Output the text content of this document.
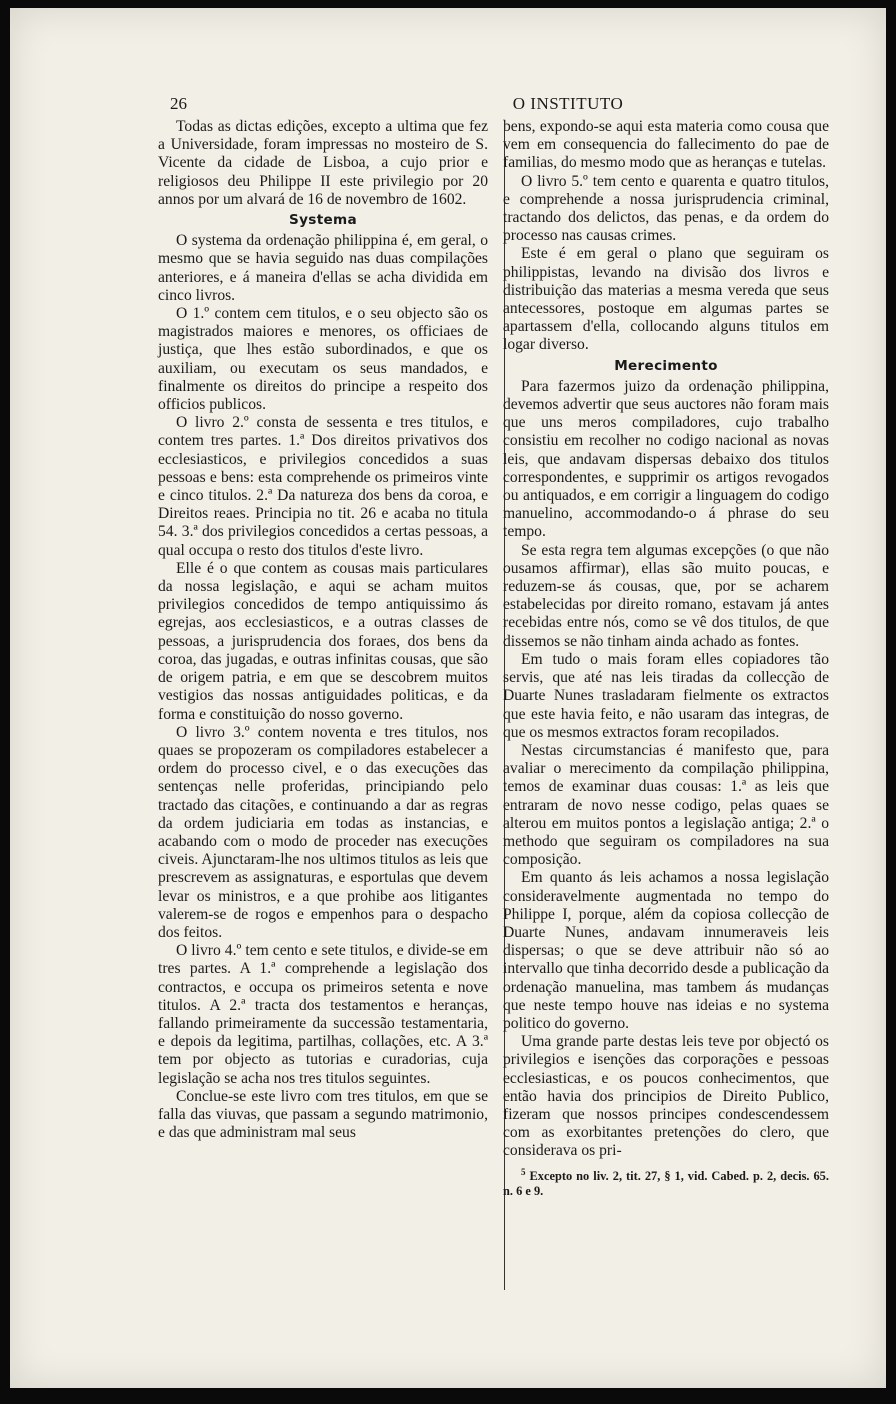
26	O INSTITUTO

Todas as dictas edições, excepto a ultima que fez a Universidade, foram impressas no mosteiro de S. Vicente da cidade de Lisboa, a cujo prior e religiosos deu Philippe II este privilegio por 20 annos por um alvará de 16 de novembro de 1602.

Systema

O systema da ordenação philippina é, em geral, o mesmo que se havia seguido nas duas compilações anteriores, e á maneira d'ellas se acha dividida em cinco livros.

O 1.º contem cem titulos, e o seu objecto são os magistrados maiores e menores, os officiaes de justiça, que lhes estão subordinados, e que os auxiliam, ou executam os seus mandados, e finalmente os direitos do principe a respeito dos officios publicos.

O livro 2.º consta de sessenta e tres titulos, e contem tres partes. 1.ª Dos direitos privativos dos ecclesiasticos, e privilegios concedidos a suas pessoas e bens: esta comprehende os primeiros vinte e cinco titulos. 2.ª Da natureza dos bens da coroa, e Direitos reaes. Principia no tit. 26 e acaba no titula 54. 3.ª dos privilegios concedidos a certas pessoas, a qual occupa o resto dos titulos d'este livro.

Elle é o que contem as cousas mais particulares da nossa legislação, e aqui se acham muitos privilegios concedidos de tempo antiquissimo ás egrejas, aos ecclesiasticos, e a outras classes de pessoas, a jurisprudencia dos foraes, dos bens da coroa, das jugadas, e outras infinitas cousas, que são de origem patria, e em que se descobrem muitos vestigios das nossas antiguidades politicas, e da forma e constituição do nosso governo.

O livro 3.º contem noventa e tres titulos, nos quaes se propozeram os compiladores estabelecer a ordem do processo civel, e o das execuções das sentenças nelle proferidas, principiando pelo tractado das citações, e continuando a dar as regras da ordem judiciaria em todas as instancias, e acabando com o modo de proceder nas execuções civeis. Ajunctaram-lhe nos ultimos titulos as leis que prescrevem as assignaturas, e esportulas que devem levar os ministros, e a que prohibe aos litigantes valerem-se de rogos e empenhos para o despacho dos feitos.

O livro 4.º tem cento e sete titulos, e divide-se em tres partes. A 1.ª comprehende a legislação dos contractos, e occupa os primeiros setenta e nove titulos. A 2.ª tracta dos testamentos e heranças, fallando primeiramente da successão testamentaria, e depois da legitima, partilhas, collações, etc. A 3.ª tem por objecto as tutorias e curadorias, cuja legislação se acha nos tres titulos seguintes.

Conclue-se este livro com tres titulos, em que se falla das viuvas, que passam a segundo matrimonio, e das que administram mal seus

bens, expondo-se aqui esta materia como cousa que vem em consequencia do fallecimento do pae de familias, do mesmo modo que as heranças e tutelas.

O livro 5.º tem cento e quarenta e quatro titulos, e comprehende a nossa jurisprudencia criminal, tractando dos delictos, das penas, e da ordem do processo nas causas crimes.

Este é em geral o plano que seguiram os philippistas, levando na divisão dos livros e distribuição das materias a mesma vereda que seus antecessores, postoque em algumas partes se apartassem d'ella, collocando alguns titulos em logar diverso.

Merecimento

Para fazermos juizo da ordenação philippina, devemos advertir que seus auctores não foram mais que uns meros compiladores, cujo trabalho consistiu em recolher no codigo nacional as novas leis, que andavam dispersas debaixo dos titulos correspondentes, e supprimir os artigos revogados ou antiquados, e em corrigir a linguagem do codigo manuelino, accommodando-o á phrase do seu tempo.

Se esta regra tem algumas excepções (o que não ousamos affirmar), ellas são muito poucas, e reduzem-se ás cousas, que, por se acharem estabelecidas por direito romano, estavam já antes recebidas entre nós, como se vê dos titulos, de que dissemos se não tinham ainda achado as fontes.

Em tudo o mais foram elles copiadores tão servis, que até nas leis tiradas da collecção de Duarte Nunes trasladaram fielmente os extractos que este havia feito, e não usaram das integras, de que os mesmos extractos foram recopilados.

Nestas circumstancias é manifesto que, para avaliar o merecimento da compilação philippina, temos de examinar duas cousas: 1.ª as leis que entraram de novo nesse codigo, pelas quaes se alterou em muitos pontos a legislação antiga; 2.ª o methodo que seguiram os compiladores na sua composição.

Em quanto ás leis achamos a nossa legislação consideravelmente augmentada no tempo do Philippe I, porque, além da copiosa collecção de Duarte Nunes, andavam innumeraveis leis dispersas; o que se deve attribuir não só ao intervallo que tinha decorrido desde a publicação da ordenação manuelina, mas tambem ás mudanças que neste tempo houve nas ideias e no systema politico do governo.

Uma grande parte destas leis teve por objectó os privilegios e isenções das corporações e pessoas ecclesiasticas, e os poucos conhecimentos, que então havia dos principios de Direito Publico, fizeram que nossos principes condescendessem com as exorbitantes pretenções do clero, que considerava os pri-

$^5$ Excepto no liv. 2, tit. 27, § 1, vid. Cabed. p. 2, decis. 65. n. 6 e 9.
